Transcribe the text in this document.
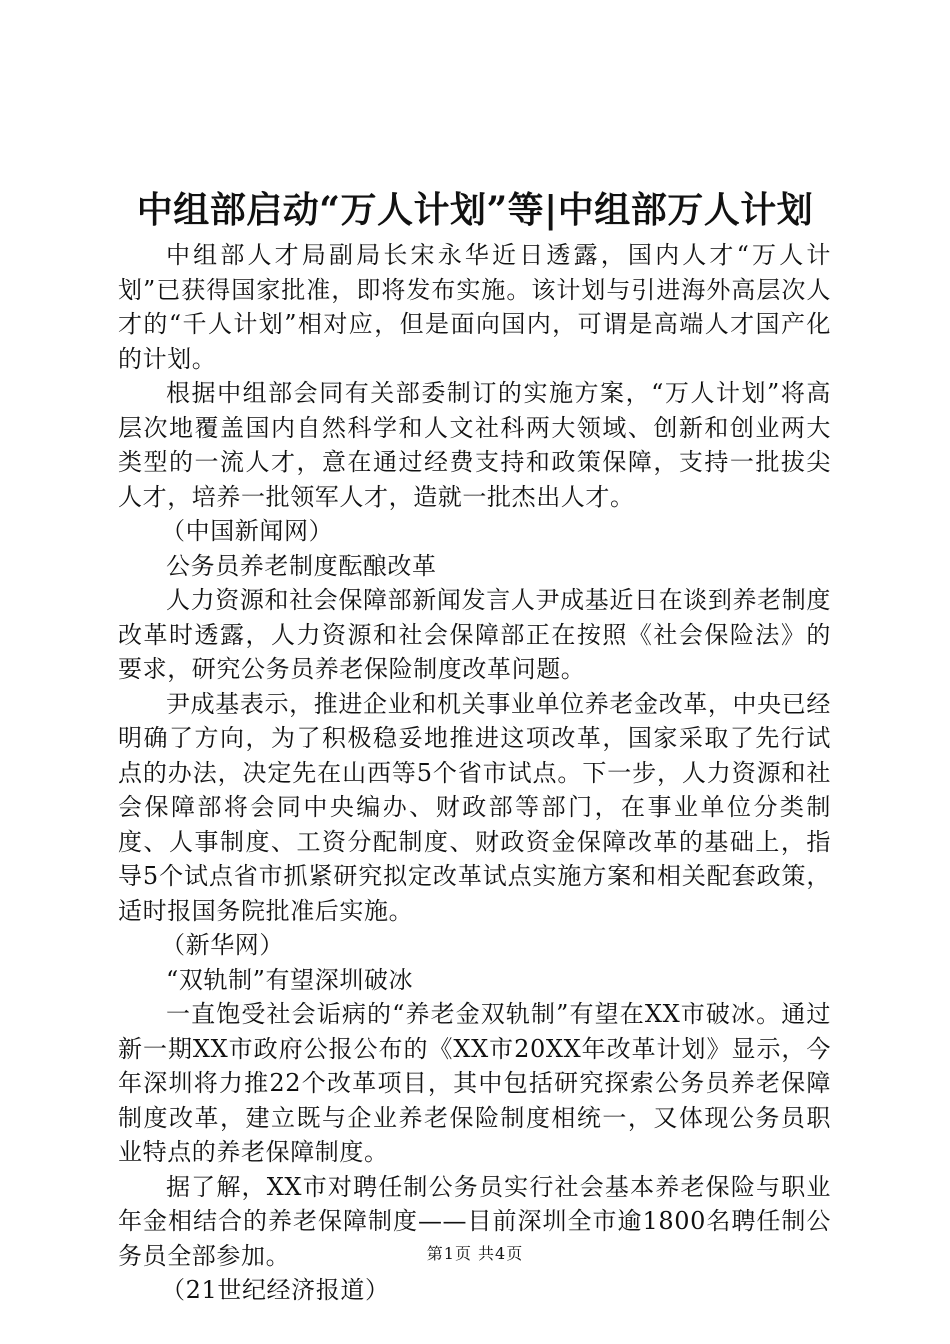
中组部启动“万人计划”等|中组部万人计划

中组部人才局副局长宋永华近日透露，国内人才“万人计划”已获得国家批准，即将发布实施。该计划与引进海外高层次人才的“千人计划”相对应，但是面向国内，可谓是高端人才国产化的计划。

根据中组部会同有关部委制订的实施方案，“万人计划”将高层次地覆盖国内自然科学和人文社科两大领域、创新和创业两大类型的一流人才，意在通过经费支持和政策保障，支持一批拔尖人才，培养一批领军人才，造就一批杰出人才。

（中国新闻网）

公务员养老制度酝酿改革

人力资源和社会保障部新闻发言人尹成基近日在谈到养老制度改革时透露，人力资源和社会保障部正在按照《社会保险法》的要求，研究公务员养老保险制度改革问题。

尹成基表示，推进企业和机关事业单位养老金改革，中央已经明确了方向，为了积极稳妥地推进这项改革，国家采取了先行试点的办法，决定先在山西等5个省市试点。下一步，人力资源和社会保障部将会同中央编办、财政部等部门，在事业单位分类制度、人事制度、工资分配制度、财政资金保障改革的基础上，指导5个试点省市抓紧研究拟定改革试点实施方案和相关配套政策，适时报国务院批准后实施。

（新华网）

“双轨制”有望深圳破冰

一直饱受社会诟病的“养老金双轨制”有望在XX市破冰。通过新一期XX市政府公报公布的《XX市20XX年改革计划》显示，今年深圳将力推22个改革项目，其中包括研究探索公务员养老保障制度改革，建立既与企业养老保险制度相统一，又体现公务员职业特点的养老保障制度。

据了解，XX市对聘任制公务员实行社会基本养老保险与职业年金相结合的养老保障制度——目前深圳全市逾1800名聘任制公务员全部参加。

（21世纪经济报道）

第1页 共4页
